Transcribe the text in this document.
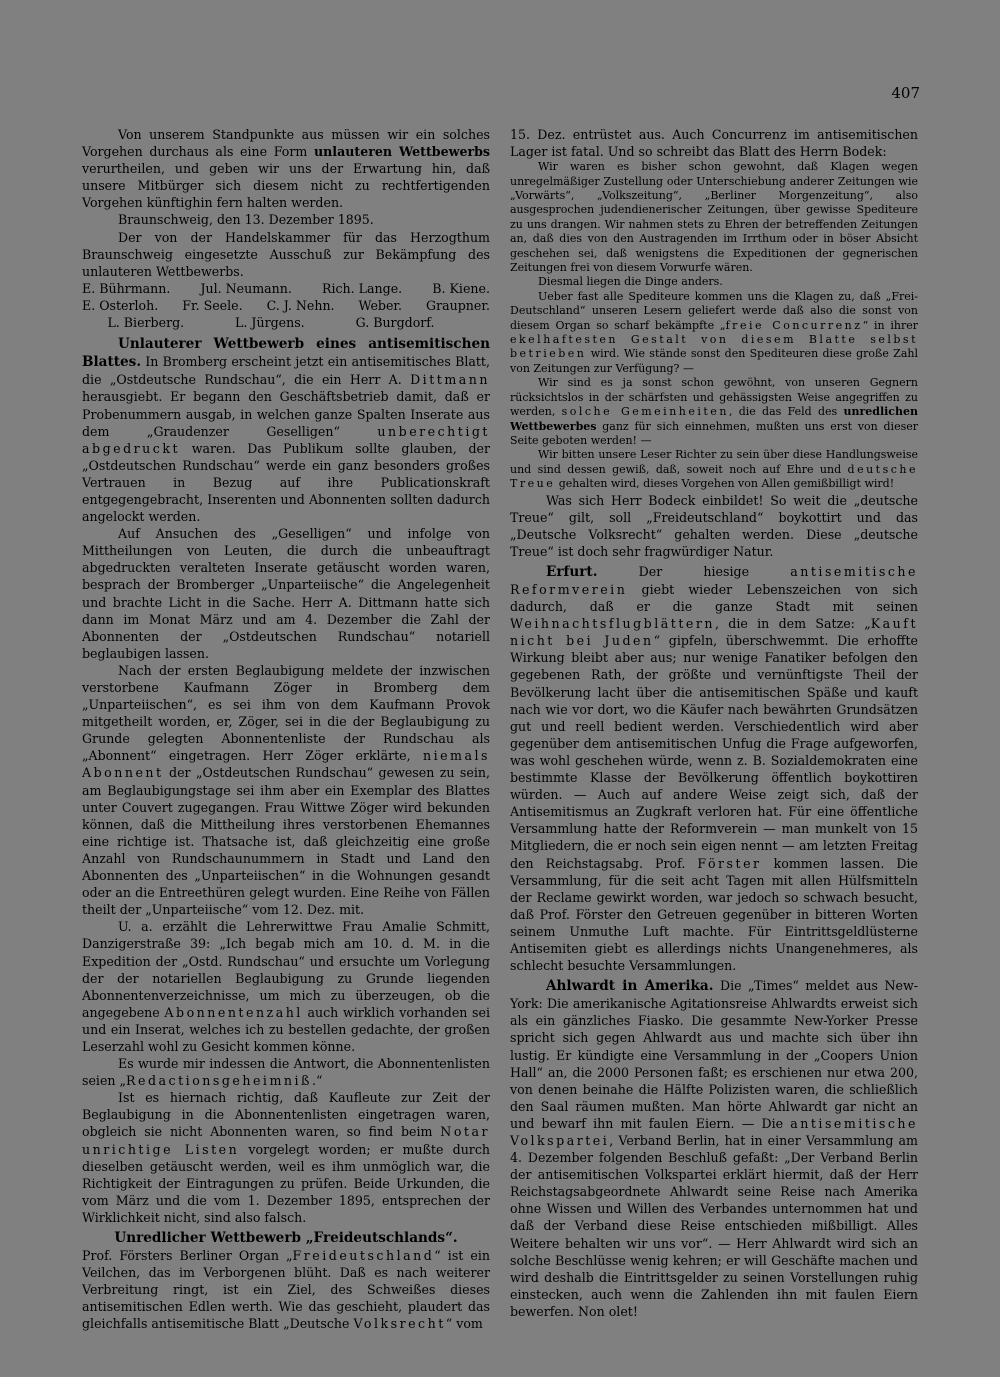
407

Von unserem Standpunkte aus müssen wir ein solches Vorgehen durchaus als eine Form unlauteren Wettbewerbs verurtheilen, und geben wir uns der Erwartung hin, daß unsere Mitbürger sich diesem nicht zu rechtfertigenden Vorgehen künftighin fern halten werden.

Braunschweig, den 13. Dezember 1895.

Der von der Handelskammer für das Herzogthum Braunschweig eingesetzte Ausschuß zur Bekämpfung des unlauteren Wettbewerbs.

E. Bührmann. Jul. Neumann. Rich. Lange. B. Kiene.
E. Osterloh. Fr. Seele. C. J. Nehn. Weber. Graupner.
L. Bierberg.	L. Jürgens.	G. Burgdorf.

Unlauterer Wettbewerb eines antisemitischen Blattes. In Bromberg erscheint jetzt ein antisemitisches Blatt, die „Ostdeutsche Rundschau“, die ein Herr A. Dittmann herausgiebt. Er begann den Geschäftsbetrieb damit, daß er Probenummern ausgab, in welchen ganze Spalten Inserate aus dem „Graudenzer Geselligen“ unberechtigt abgedruckt waren. Das Publikum sollte glauben, der „Ostdeutschen Rundschau“ werde ein ganz besonders großes Vertrauen in Bezug auf ihre Publicationskraft entgegengebracht, Inserenten und Abonnenten sollten dadurch angelockt werden.

Auf Ansuchen des „Geselligen“ und infolge von Mittheilungen von Leuten, die durch die unbeauftragt abgedruckten veralteten Inserate getäuscht worden waren, besprach der Bromberger „Unparteiische“ die Angelegenheit und brachte Licht in die Sache. Herr A. Dittmann hatte sich dann im Monat März und am 4. Dezember die Zahl der Abonnenten der „Ostdeutschen Rundschau“ notariell beglaubigen lassen.

Nach der ersten Beglaubigung meldete der inzwischen verstorbene Kaufmann Zöger in Bromberg dem „Unparteiischen“, es sei ihm von dem Kaufmann Provok mitgetheilt worden, er, Zöger, sei in die der Beglaubigung zu Grunde gelegten Abonnentenliste der Rundschau als „Abonnent“ eingetragen. Herr Zöger erklärte, niemals Abonnent der „Ostdeutschen Rundschau“ gewesen zu sein, am Beglaubigungstage sei ihm aber ein Exemplar des Blattes unter Couvert zugegangen. Frau Wittwe Zöger wird bekunden können, daß die Mittheilung ihres verstorbenen Ehemannes eine richtige ist. Thatsache ist, daß gleichzeitig eine große Anzahl von Rundschaunummern in Stadt und Land den Abonnenten des „Unparteiischen“ in die Wohnungen gesandt oder an die Entreethüren gelegt wurden. Eine Reihe von Fällen theilt der „Unparteiische“ vom 12. Dez. mit.

U. a. erzählt die Lehrerwittwe Frau Amalie Schmitt, Danzigerstraße 39: „Ich begab mich am 10. d. M. in die Expedition der „Ostd. Rundschau“ und ersuchte um Vorlegung der der notariellen Beglaubigung zu Grunde liegenden Abonnentenverzeichnisse, um mich zu überzeugen, ob die angegebene Abonnentenzahl auch wirklich vorhanden sei und ein Inserat, welches ich zu bestellen gedachte, der großen Leserzahl wohl zu Gesicht kommen könne.

Es wurde mir indessen die Antwort, die Abonnentenlisten seien „Redactionsgeheimniß.“

Ist es hiernach richtig, daß Kaufleute zur Zeit der Beglaubigung in die Abonnentenlisten eingetragen waren, obgleich sie nicht Abonnenten waren, so find beim Notar unrichtige Listen vorgelegt worden; er mußte durch dieselben getäuscht werden, weil es ihm unmöglich war, die Richtigkeit der Eintragungen zu prüfen. Beide Urkunden, die vom März und die vom 1. Dezember 1895, entsprechen der Wirklichkeit nicht, sind also falsch.

Unredlicher Wettbewerb „Freideutschlands“.

Prof. Försters Berliner Organ „Freideutschland“ ist ein Veilchen, das im Verborgenen blüht. Daß es nach weiterer Verbreitung ringt, ist ein Ziel, des Schweißes dieses antisemitischen Edlen werth. Wie das geschieht, plaudert das gleichfalls antisemitische Blatt „Deutsche Volksrecht“ vom

15. Dez. entrüstet aus. Auch Concurrenz im antisemitischen Lager ist fatal. Und so schreibt das Blatt des Herrn Bodek:

Wir waren es bisher schon gewohnt, daß Klagen wegen unregelmäßiger Zustellung oder Unterschiebung anderer Zeitungen wie „Vorwärts“, „Volkszeitung“, „Berliner Morgenzeitung“, also ausgesprochen judendienerischer Zeitungen, über gewisse Spediteure zu uns drangen. Wir nahmen stets zu Ehren der betreffenden Zeitungen an, daß dies von den Austragenden im Irrthum oder in böser Absicht geschehen sei, daß wenigstens die Expeditionen der gegnerischen Zeitungen frei von diesem Vorwurfe wären.

Diesmal liegen die Dinge anders.

Ueber fast alle Spediteure kommen uns die Klagen zu, daß „Frei-Deutschland“ unseren Lesern geliefert werde daß also die sonst von diesem Organ so scharf bekämpfte „freie Concurrenz“ in ihrer ekelhaftesten Gestalt von diesem Blatte selbst betrieben wird. Wie stände sonst den Spediteuren diese große Zahl von Zeitungen zur Verfügung? —

Wir sind es ja sonst schon gewöhnt, von unseren Gegnern rücksichtslos in der schärfsten und gehässigsten Weise angegriffen zu werden, solche Gemeinheiten, die das Feld des unredlichen Wettbewerbes ganz für sich einnehmen, mußten uns erst von dieser Seite geboten werden! —

Wir bitten unsere Leser Richter zu sein über diese Handlungsweise und sind dessen gewiß, daß, soweit noch auf Ehre und deutsche Treue gehalten wird, dieses Vorgehen von Allen gemißbilligt wird!

Was sich Herr Bodeck einbildet! So weit die „deutsche Treue“ gilt, soll „Freideutschland“ boykottirt und das „Deutsche Volksrecht“ gehalten werden. Diese „deutsche Treue“ ist doch sehr fragwürdiger Natur.

Erfurt. Der hiesige antisemitische Reformverein giebt wieder Lebenszeichen von sich dadurch, daß er die ganze Stadt mit seinen Weihnachtsflugblättern, die in dem Satze: „Kauft nicht bei Juden“ gipfeln, überschwemmt. Die erhoffte Wirkung bleibt aber aus; nur wenige Fanatiker befolgen den gegebenen Rath, der größte und vernünftigste Theil der Bevölkerung lacht über die antisemitischen Späße und kauft nach wie vor dort, wo die Käufer nach bewährten Grundsätzen gut und reell bedient werden. Verschiedentlich wird aber gegenüber dem antisemitischen Unfug die Frage aufgeworfen, was wohl geschehen würde, wenn z. B. Sozialdemokraten eine bestimmte Klasse der Bevölkerung öffentlich boykottiren würden. — Auch auf andere Weise zeigt sich, daß der Antisemitismus an Zugkraft verloren hat. Für eine öffentliche Versammlung hatte der Reformverein — man munkelt von 15 Mitgliedern, die er noch sein eigen nennt — am letzten Freitag den Reichstagsabg. Prof. Förster kommen lassen. Die Versammlung, für die seit acht Tagen mit allen Hülfsmitteln der Reclame gewirkt worden, war jedoch so schwach besucht, daß Prof. Förster den Getreuen gegenüber in bitteren Worten seinem Unmuthe Luft machte. Für Eintrittsgeldlüsterne Antisemiten giebt es allerdings nichts Unangenehmeres, als schlecht besuchte Versammlungen.

Ahlwardt in Amerika. Die „Times“ meldet aus New-York: Die amerikanische Agitationsreise Ahlwardts erweist sich als ein gänzliches Fiasko. Die gesammte New-Yorker Presse spricht sich gegen Ahlwardt aus und machte sich über ihn lustig. Er kündigte eine Versammlung in der „Coopers Union Hall“ an, die 2000 Personen faßt; es erschienen nur etwa 200, von denen beinahe die Hälfte Polizisten waren, die schließlich den Saal räumen mußten. Man hörte Ahlwardt gar nicht an und bewarf ihn mit faulen Eiern. — Die antisemitische Volkspartei, Verband Berlin, hat in einer Versammlung am 4. Dezember folgenden Beschluß gefaßt: „Der Verband Berlin der antisemitischen Volkspartei erklärt hiermit, daß der Herr Reichstagsabgeordnete Ahlwardt seine Reise nach Amerika ohne Wissen und Willen des Verbandes unternommen hat und daß der Verband diese Reise entschieden mißbilligt. Alles Weitere behalten wir uns vor“. — Herr Ahlwardt wird sich an solche Beschlüsse wenig kehren; er will Geschäfte machen und wird deshalb die Eintrittsgelder zu seinen Vorstellungen ruhig einstecken, auch wenn die Zahlenden ihn mit faulen Eiern bewerfen. Non olet!
